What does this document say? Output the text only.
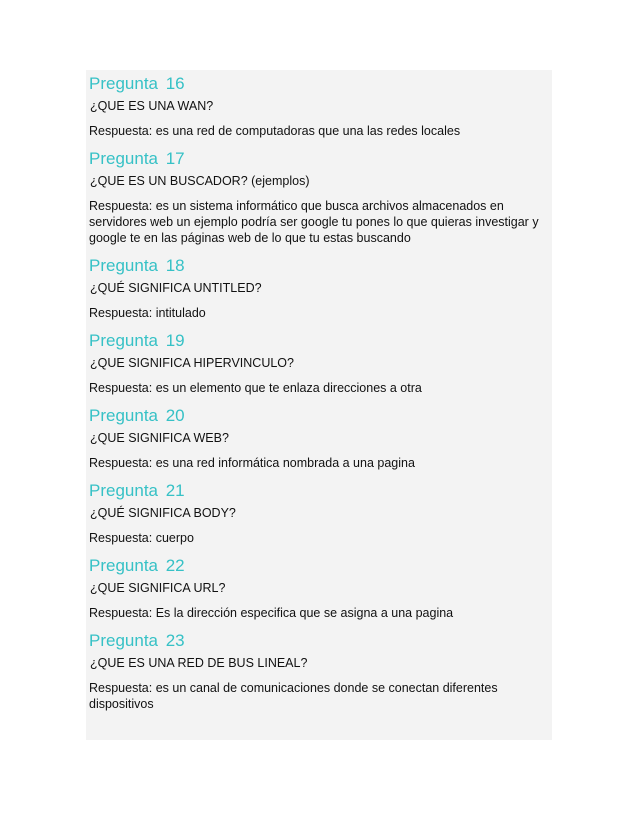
Pregunta 16
¿QUE ES UNA WAN?
Respuesta: es una red de computadoras que una las redes locales
Pregunta 17
¿QUE ES UN BUSCADOR? (ejemplos)
Respuesta: es un sistema informático que busca archivos almacenados en servidores web un ejemplo podría ser google tu pones lo que quieras investigar y google te en las páginas web de lo que tu estas buscando
Pregunta 18
¿QUÉ SIGNIFICA UNTITLED?
Respuesta: intitulado
Pregunta 19
¿QUE SIGNIFICA HIPERVINCULO?
Respuesta: es un elemento que te enlaza direcciones a otra
Pregunta 20
¿QUE SIGNIFICA WEB?
Respuesta: es una red informática nombrada a una pagina
Pregunta 21
¿QUÉ SIGNIFICA BODY?
Respuesta: cuerpo
Pregunta 22
¿QUE SIGNIFICA URL?
Respuesta: Es la dirección especifica que se asigna a una pagina
Pregunta 23
¿QUE ES UNA RED DE BUS LINEAL?
Respuesta: es un canal de comunicaciones donde se conectan diferentes dispositivos
